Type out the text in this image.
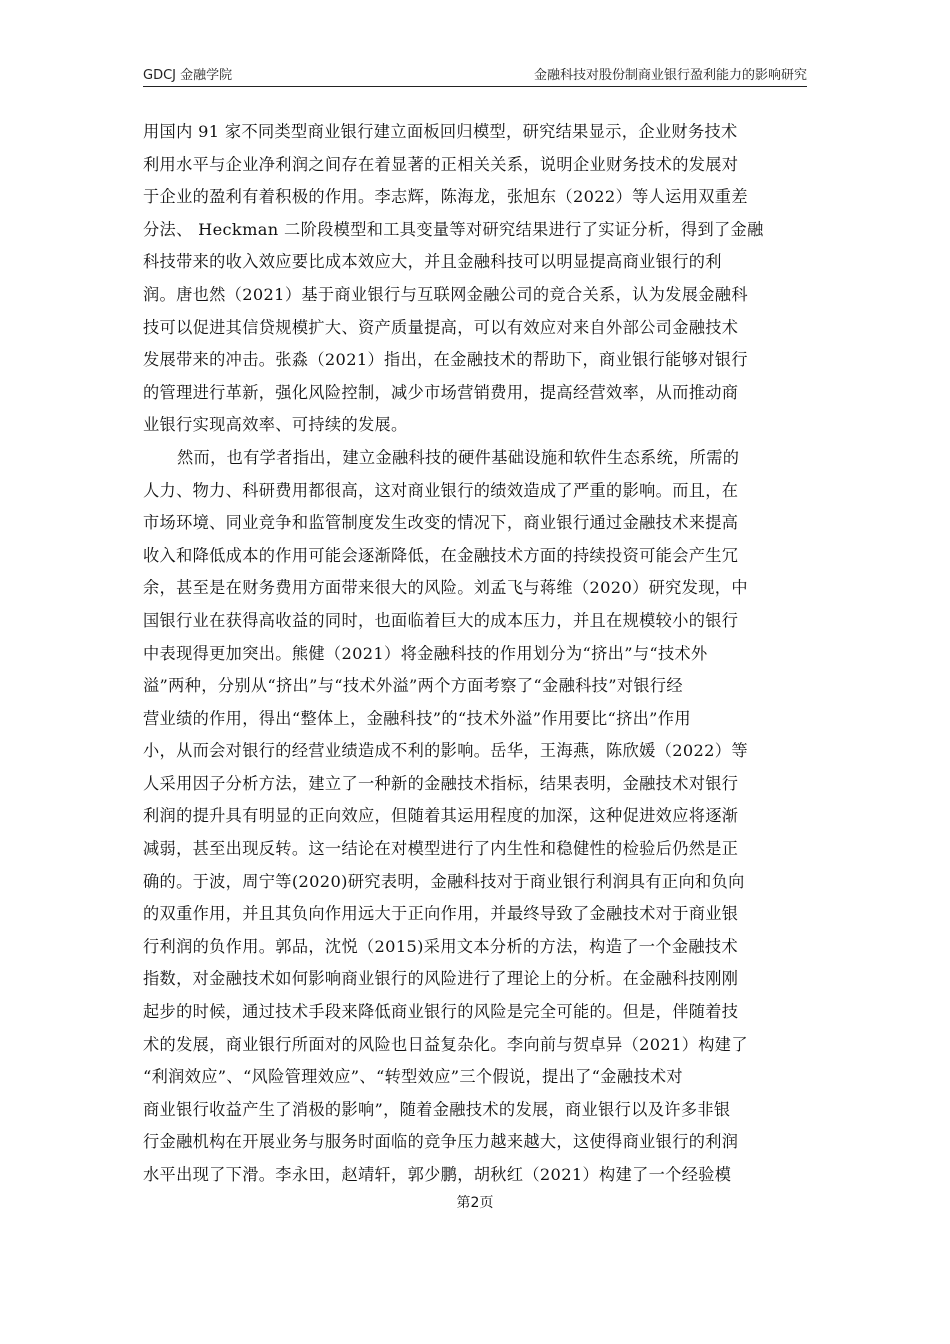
GDCJ 金融学院	金融科技对股份制商业银行盈利能力的影响研究
用国内 91 家不同类型商业银行建立面板回归模型，研究结果显示，企业财务技术
利用水平与企业净利润之间存在着显著的正相关关系，说明企业财务技术的发展对
于企业的盈利有着积极的作用。李志辉，陈海龙，张旭东（2022）等人运用双重差
分法、 Heckman 二阶段模型和工具变量等对研究结果进行了实证分析，得到了金融
科技带来的收入效应要比成本效应大，并且金融科技可以明显提高商业银行的利
润。唐也然（2021）基于商业银行与互联网金融公司的竞合关系，认为发展金融科
技可以促进其信贷规模扩大、资产质量提高，可以有效应对来自外部公司金融技术
发展带来的冲击。张淼（2021）指出，在金融技术的帮助下，商业银行能够对银行
的管理进行革新，强化风险控制，减少市场营销费用，提高经营效率，从而推动商
业银行实现高效率、可持续的发展。
然而，也有学者指出，建立金融科技的硬件基础设施和软件生态系统，所需的
人力、物力、科研费用都很高，这对商业银行的绩效造成了严重的影响。而且，在
市场环境、同业竞争和监管制度发生改变的情况下，商业银行通过金融技术来提高
收入和降低成本的作用可能会逐渐降低，在金融技术方面的持续投资可能会产生冗
余，甚至是在财务费用方面带来很大的风险。刘孟飞与蒋维（2020）研究发现，中
国银行业在获得高收益的同时，也面临着巨大的成本压力，并且在规模较小的银行
中表现得更加突出。熊健（2021）将金融科技的作用划分为“挤出”与“技术外
溢”两种，分别从“挤出”与“技术外溢”两个方面考察了“金融科技”对银行经
营业绩的作用，得出“整体上，金融科技”的“技术外溢”作用要比“挤出”作用
小，从而会对银行的经营业绩造成不利的影响。岳华，王海燕，陈欣媛（2022）等
人采用因子分析方法，建立了一种新的金融技术指标，结果表明，金融技术对银行
利润的提升具有明显的正向效应，但随着其运用程度的加深，这种促进效应将逐渐
减弱，甚至出现反转。这一结论在对模型进行了内生性和稳健性的检验后仍然是正
确的。于波，周宁等(2020)研究表明，金融科技对于商业银行利润具有正向和负向
的双重作用，并且其负向作用远大于正向作用，并最终导致了金融技术对于商业银
行利润的负作用。郭品，沈悦（2015)采用文本分析的方法，构造了一个金融技术
指数，对金融技术如何影响商业银行的风险进行了理论上的分析。在金融科技刚刚
起步的时候，通过技术手段来降低商业银行的风险是完全可能的。但是，伴随着技
术的发展，商业银行所面对的风险也日益复杂化。李向前与贺卓异（2021）构建了
“利润效应”、“风险管理效应”、“转型效应”三个假说，提出了“金融技术对
商业银行收益产生了消极的影响”，随着金融技术的发展，商业银行以及许多非银
行金融机构在开展业务与服务时面临的竞争压力越来越大，这使得商业银行的利润
水平出现了下滑。李永田，赵靖轩，郭少鹏，胡秋红（2021）构建了一个经验模
第2页
